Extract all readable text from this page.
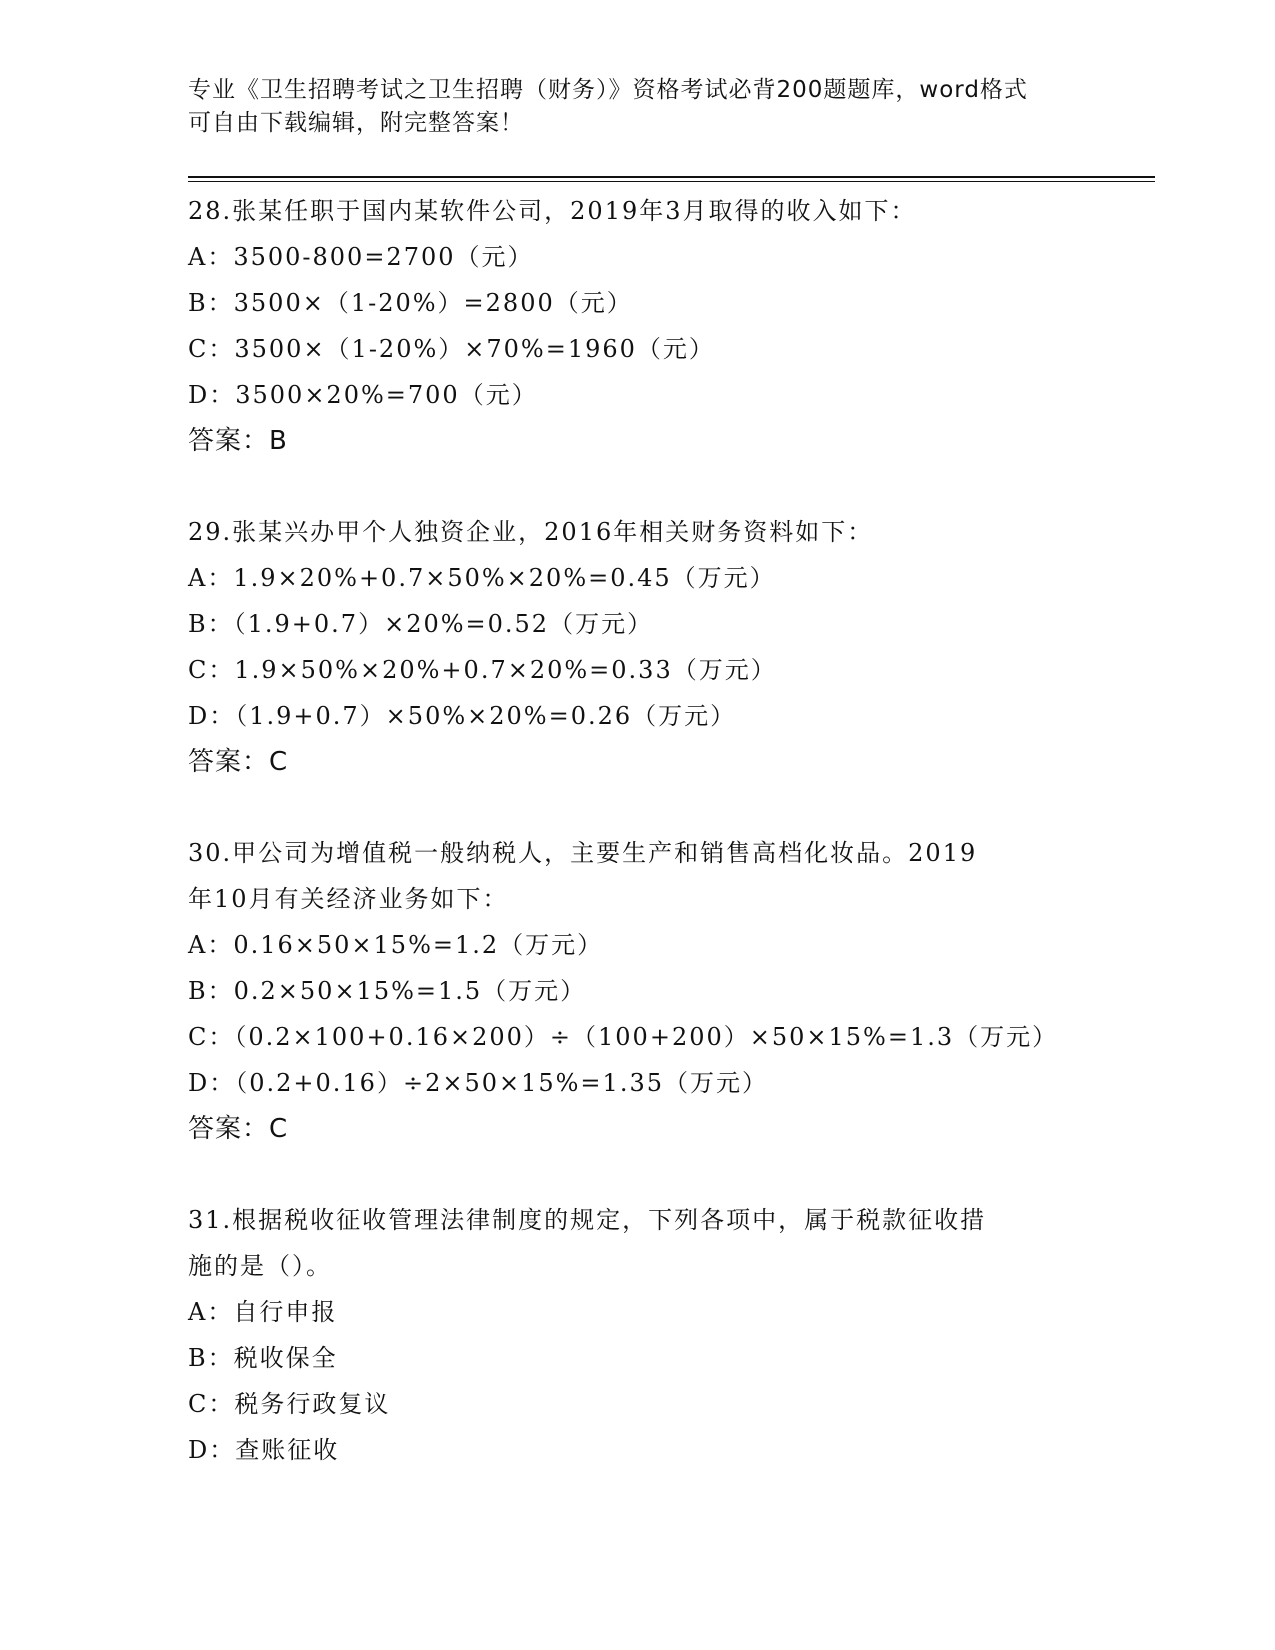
专业《卫生招聘考试之卫生招聘（财务）》资格考试必背200题题库，word格式
可自由下载编辑，附完整答案！
28.张某任职于国内某软件公司，2019年3月取得的收入如下：
A：3500-800=2700（元）
B：3500×（1-20%）=2800（元）
C：3500×（1-20%）×70%=1960（元）
D：3500×20%=700（元）
答案：B
29.张某兴办甲个人独资企业，2016年相关财务资料如下：
A：1.9×20%+0.7×50%×20%=0.45（万元）
B：（1.9+0.7）×20%=0.52（万元）
C：1.9×50%×20%+0.7×20%=0.33（万元）
D：（1.9+0.7）×50%×20%=0.26（万元）
答案：C
30.甲公司为增值税一般纳税人，主要生产和销售高档化妆品。2019
年10月有关经济业务如下：
A：0.16×50×15%=1.2（万元）
B：0.2×50×15%=1.5（万元）
C：（0.2×100+0.16×200）÷（100+200）×50×15%=1.3（万元）
D：（0.2+0.16）÷2×50×15%=1.35（万元）
答案：C
31.根据税收征收管理法律制度的规定，下列各项中，属于税款征收措
施的是（）。
A：自行申报
B：税收保全
C：税务行政复议
D：查账征收
